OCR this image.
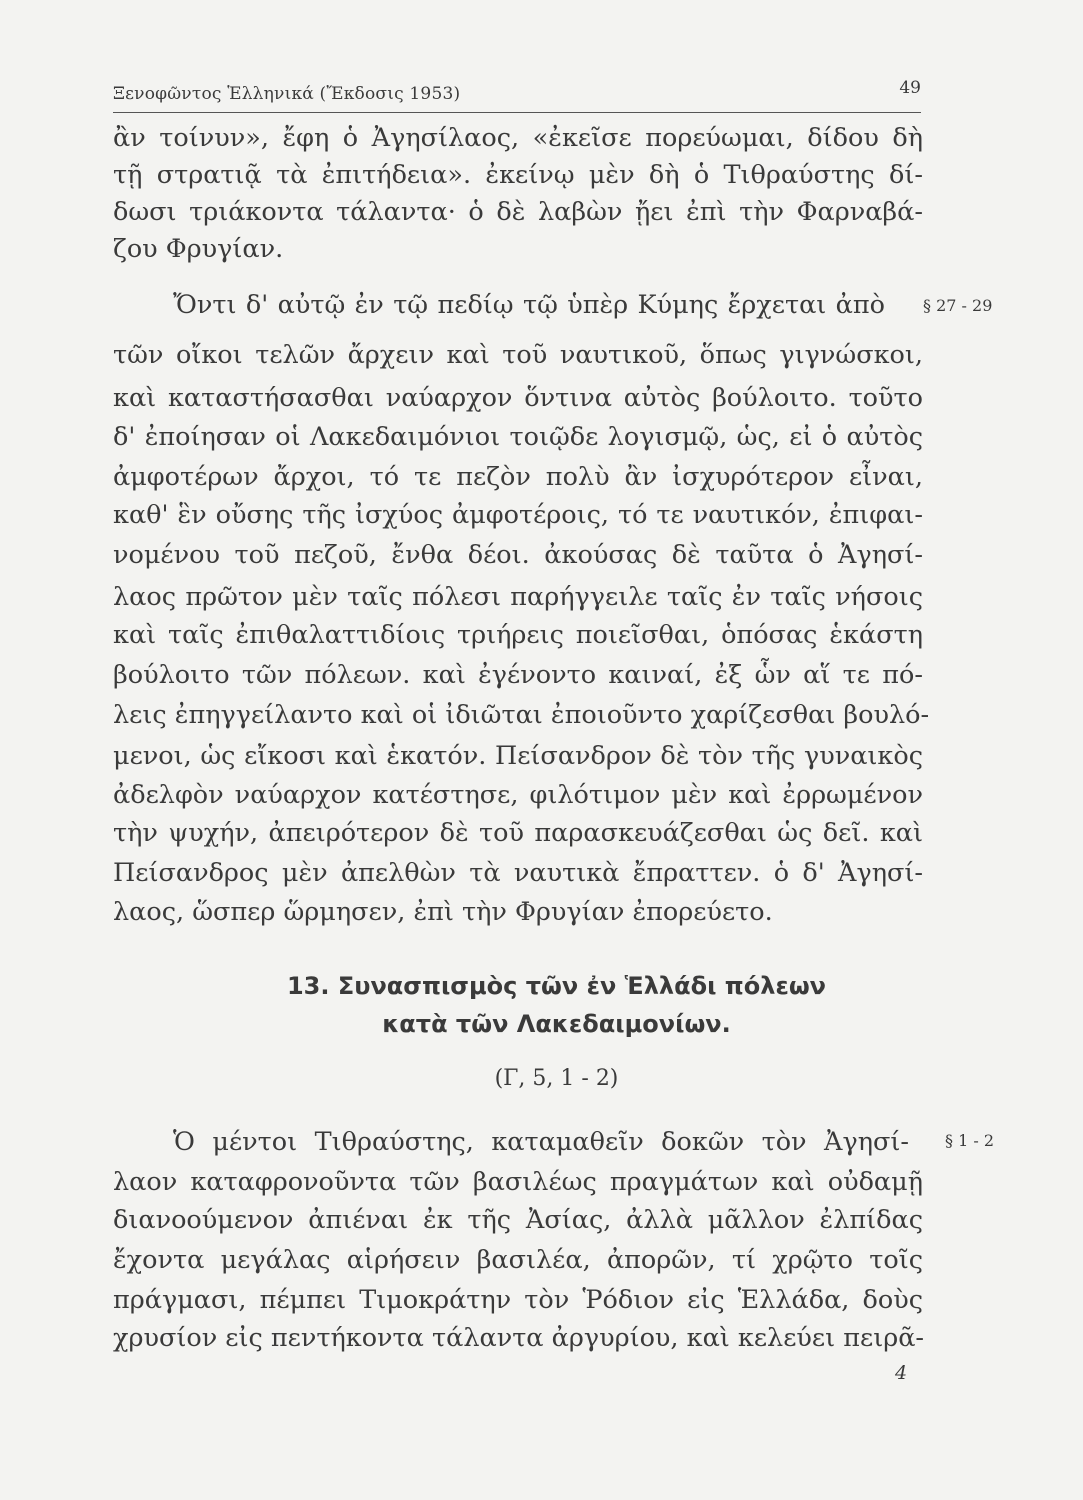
Ξενοφῶντος Ἑλληνικά (Ἔκδοσις 1953)	49
ἂν τοίνυν», ἔφη ὁ Ἀγησίλαος, «ἐκεῖσε πορεύωμαι, δίδου δὴ
τῇ στρατιᾷ τὰ ἐπιτήδεια». ἐκείνῳ μὲν δὴ ὁ Τιθραύστης δί-
δωσι τριάκοντα τάλαντα· ὁ δὲ λαβὼν ᾔει ἐπὶ τὴν Φαρναβά-
ζου Φρυγίαν.
Ὄντι δ' αὐτῷ ἐν τῷ πεδίῳ τῷ ὑπὲρ Κύμης ἔρχεται ἀπὸ § 27 - 29
τῶν οἴκοι τελῶν ἄρχειν καὶ τοῦ ναυτικοῦ, ὅπως γιγνώσκοι,
καὶ καταστήσασθαι ναύαρχον ὅντινα αὐτὸς βούλοιτο. τοῦτο
δ' ἐποίησαν οἱ Λακεδαιμόνιοι τοιῷδε λογισμῷ, ὡς, εἰ ὁ αὐτὸς
ἀμφοτέρων ἄρχοι, τό τε πεζὸν πολὺ ἂν ἰσχυρότερον εἶναι,
καθ' ἓν οὔσης τῆς ἰσχύος ἀμφοτέροις, τό τε ναυτικόν, ἐπιφαι-
νομένου τοῦ πεζοῦ, ἔνθα δέοι. ἀκούσας δὲ ταῦτα ὁ Ἀγησί-
λαος πρῶτον μὲν ταῖς πόλεσι παρήγγειλε ταῖς ἐν ταῖς νήσοις
καὶ ταῖς ἐπιθαλαττιδίοις τριήρεις ποιεῖσθαι, ὁπόσας ἑκάστη
βούλοιτο τῶν πόλεων. καὶ ἐγένοντο καιναί, ἐξ ὧν αἵ τε πό-
λεις ἐπηγγείλαντο καὶ οἱ ἰδιῶται ἐποιοῦντο χαρίζεσθαι βουλό-
μενοι, ὡς εἴκοσι καὶ ἑκατόν. Πείσανδρον δὲ τὸν τῆς γυναικὸς
ἀδελφὸν ναύαρχον κατέστησε, φιλότιμον μὲν καὶ ἐρρωμένον
τὴν ψυχήν, ἀπειρότερον δὲ τοῦ παρασκευάζεσθαι ὡς δεῖ. καὶ
Πείσανδρος μὲν ἀπελθὼν τὰ ναυτικὰ ἔπραττεν. ὁ δ' Ἀγησί-
λαος, ὥσπερ ὥρμησεν, ἐπὶ τὴν Φρυγίαν ἐπορεύετο.
13. Συνασπισμὸς τῶν ἐν Ἑλλάδι πόλεων
κατὰ τῶν Λακεδαιμονίων.
(Γ, 5, 1 - 2)
Ὁ μέντοι Τιθραύστης, καταμαθεῖν δοκῶν τὸν Ἀγησί- § 1 - 2
λαον καταφρονοῦντα τῶν βασιλέως πραγμάτων καὶ οὐδαμῇ
διανοούμενον ἀπιέναι ἐκ τῆς Ἀσίας, ἀλλὰ μᾶλλον ἐλπίδας
ἔχοντα μεγάλας αἱρήσειν βασιλέα, ἀπορῶν, τί χρῷτο τοῖς
πράγμασι, πέμπει Τιμοκράτην τὸν Ῥόδιον εἰς Ἑλλάδα, δοὺς
χρυσίον εἰς πεντήκοντα τάλαντα ἀργυρίου, καὶ κελεύει πειρᾶ-
4
